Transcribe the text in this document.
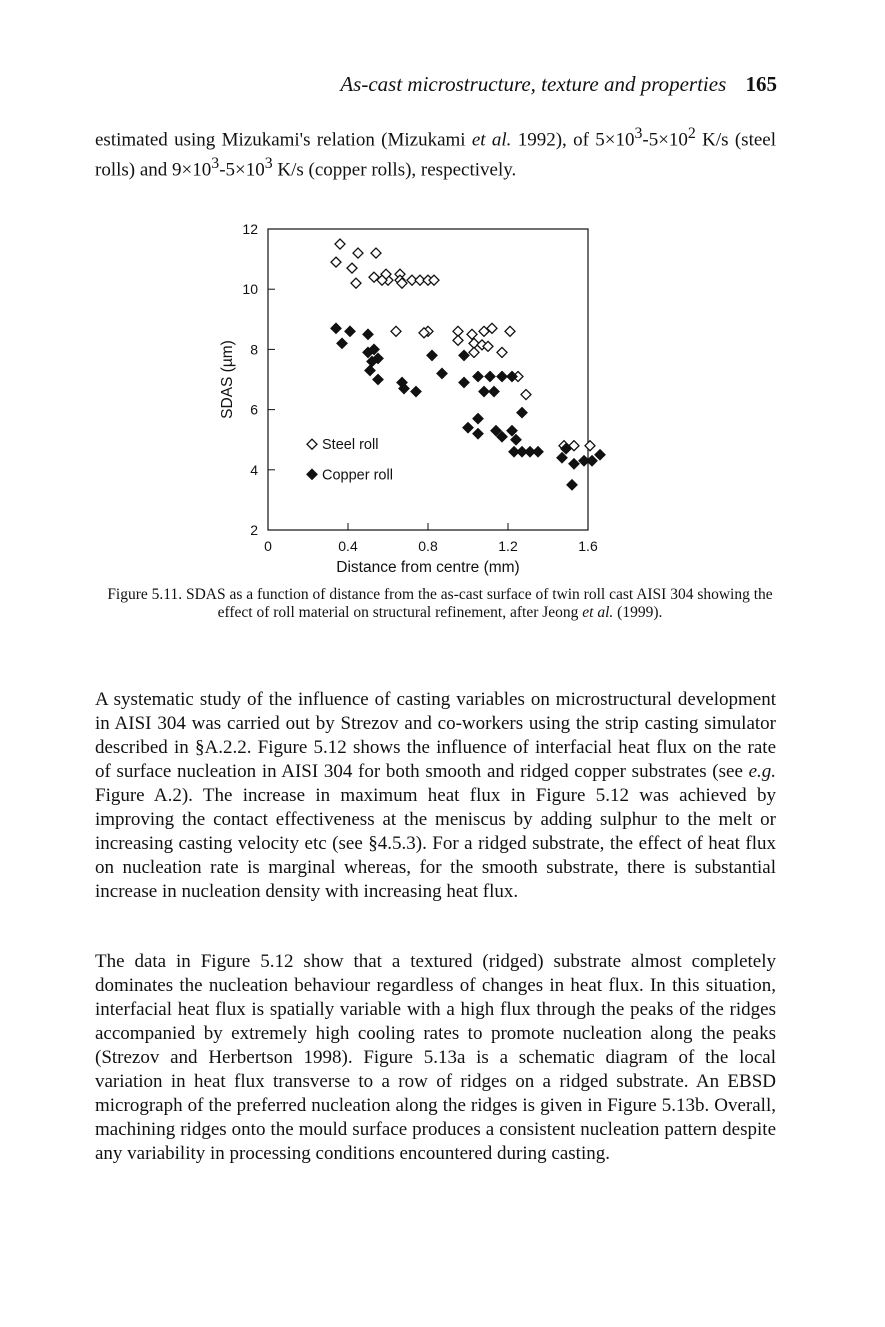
As-cast microstructure, texture and properties 165

estimated using Mizukami's relation (Mizukami et al. 1992), of $5\times 10^3-5\times 10^2$ K/s (steel rolls) and $9\times 10^3-5\times 10^3$ K/s (copper rolls), respectively.

2
4
6
8
10
12
0	0.4	0.8	1.2	1.6
Distance from centre (mm)
SDAS (µm)
Steel roll
Copper roll
Figure 5.11. SDAS as a function of distance from the as-cast surface of twin roll cast AISI 304 showing the effect of roll material on structural refinement, after Jeong et al. (1999).

A systematic study of the influence of casting variables on microstructural development in AISI 304 was carried out by Strezov and co-workers using the strip casting simulator described in §A.2.2. Figure 5.12 shows the influence of interfacial heat flux on the rate of surface nucleation in AISI 304 for both smooth and ridged copper substrates (see e.g. Figure A.2). The increase in maximum heat flux in Figure 5.12 was achieved by improving the contact effectiveness at the meniscus by adding sulphur to the melt or increasing casting velocity etc (see §4.5.3). For a ridged substrate, the effect of heat flux on nucleation rate is marginal whereas, for the smooth substrate, there is substantial increase in nucleation density with increasing heat flux.

The data in Figure 5.12 show that a textured (ridged) substrate almost completely dominates the nucleation behaviour regardless of changes in heat flux. In this situation, interfacial heat flux is spatially variable with a high flux through the peaks of the ridges accompanied by extremely high cooling rates to promote nucleation along the peaks (Strezov and Herbertson 1998). Figure 5.13a is a schematic diagram of the local variation in heat flux transverse to a row of ridges on a ridged substrate. An EBSD micrograph of the preferred nucleation along the ridges is given in Figure 5.13b. Overall, machining ridges onto the mould surface produces a consistent nucleation pattern despite any variability in processing conditions encountered during casting.
